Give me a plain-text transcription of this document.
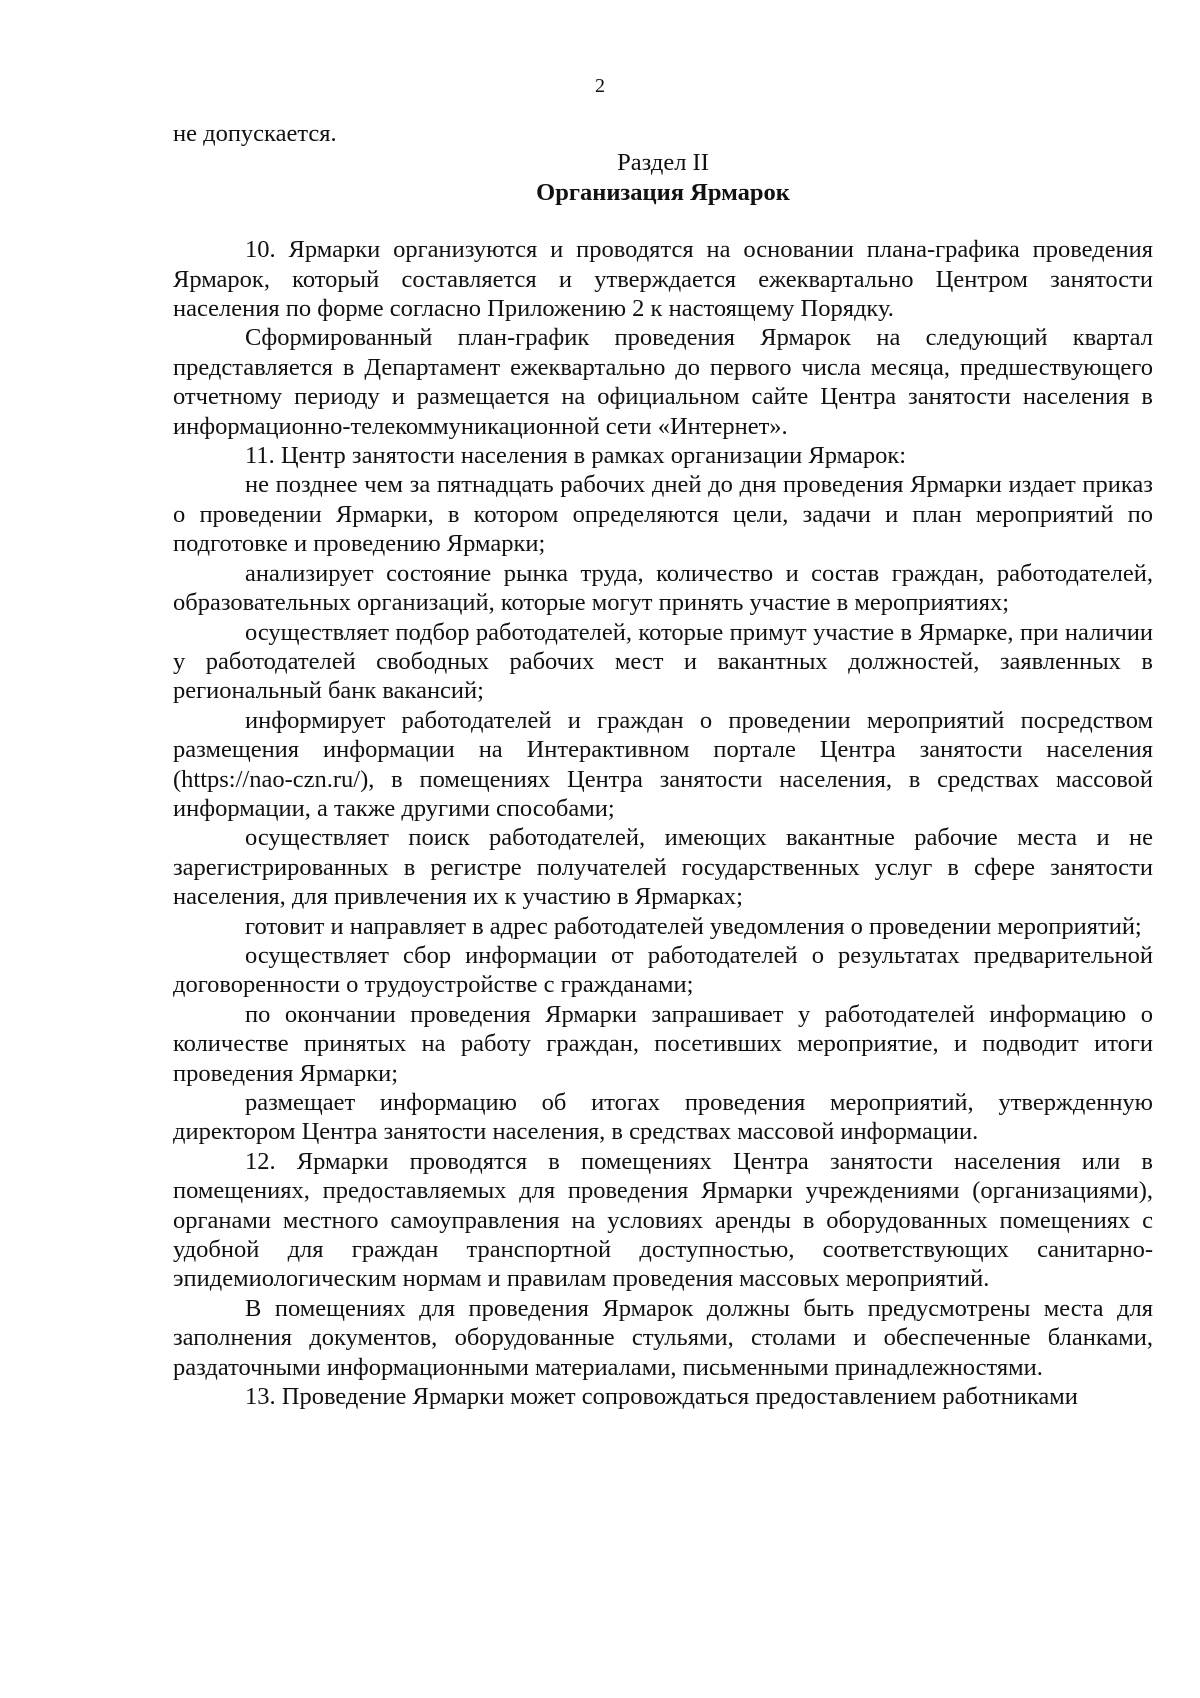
2

не допускается.

Раздел II

Организация Ярмарок

10. Ярмарки организуются и проводятся на основании плана-графика проведения Ярмарок, который составляется и утверждается ежеквартально Центром занятости населения по форме согласно Приложению 2 к настоящему Порядку.

Сформированный план-график проведения Ярмарок на следующий квартал представляется в Департамент ежеквартально до первого числа месяца, предшествующего отчетному периоду и размещается на официальном сайте Центра занятости населения в информационно-телекоммуникационной сети «Интернет».

11. Центр занятости населения в рамках организации Ярмарок:

не позднее чем за пятнадцать рабочих дней до дня проведения Ярмарки издает приказ о проведении Ярмарки, в котором определяются цели, задачи и план мероприятий по подготовке и проведению Ярмарки;

анализирует состояние рынка труда, количество и состав граждан, работодателей, образовательных организаций, которые могут принять участие в мероприятиях;

осуществляет подбор работодателей, которые примут участие в Ярмарке, при наличии у работодателей свободных рабочих мест и вакантных должностей, заявленных в региональный банк вакансий;

информирует работодателей и граждан о проведении мероприятий посредством размещения информации на Интерактивном портале Центра занятости населения (https://nao-czn.ru/), в помещениях Центра занятости населения, в средствах массовой информации, а также другими способами;

осуществляет поиск работодателей, имеющих вакантные рабочие места и не зарегистрированных в регистре получателей государственных услуг в сфере занятости населения, для привлечения их к участию в Ярмарках;

готовит и направляет в адрес работодателей уведомления о проведении мероприятий;

осуществляет сбор информации от работодателей о результатах предварительной договоренности о трудоустройстве с гражданами;

по окончании проведения Ярмарки запрашивает у работодателей информацию о количестве принятых на работу граждан, посетивших мероприятие, и подводит итоги проведения Ярмарки;

размещает информацию об итогах проведения мероприятий, утвержденную директором Центра занятости населения, в средствах массовой информации.

12. Ярмарки проводятся в помещениях Центра занятости населения или в помещениях, предоставляемых для проведения Ярмарки учреждениями (организациями), органами местного самоуправления на условиях аренды в оборудованных помещениях с удобной для граждан транспортной доступностью, соответствующих санитарно-эпидемиологическим нормам и правилам проведения массовых мероприятий.

В помещениях для проведения Ярмарок должны быть предусмотрены места для заполнения документов, оборудованные стульями, столами и обеспеченные бланками, раздаточными информационными материалами, письменными принадлежностями.

13. Проведение Ярмарки может сопровождаться предоставлением работниками
